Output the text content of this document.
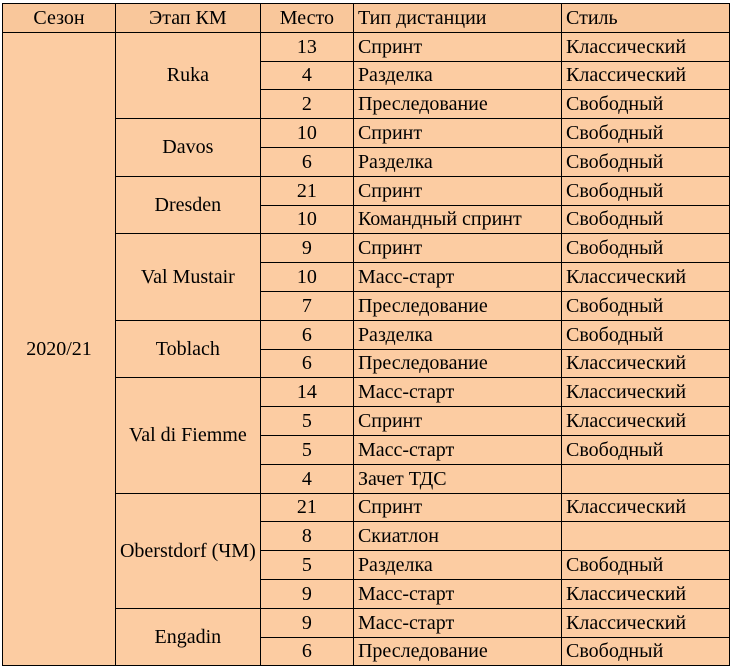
Сезон	Этап КМ	Место	Тип дистанции	Стиль
2020/21	Ruka	13	Спринт	Классический
		4	Разделка	Классический
		2	Преследование	Свободный
	Davos	10	Спринт	Свободный
		6	Разделка	Свободный
	Dresden	21	Спринт	Свободный
		10	Командный спринт	Свободный
	Val Mustair	9	Спринт	Свободный
		10	Масс-старт	Классический
		7	Преследование	Свободный
	Toblach	6	Разделка	Свободный
		6	Преследование	Классический
	Val di Fiemme	14	Масс-старт	Классический
		5	Спринт	Классический
		5	Масс-старт	Свободный
		4	Зачет ТДС	
	Oberstdorf (ЧМ)	21	Спринт	Классический
		8	Скиатлон	
		5	Разделка	Свободный
		9	Масс-старт	Классический
	Engadin	9	Масс-старт	Классический
		6	Преследование	Свободный
